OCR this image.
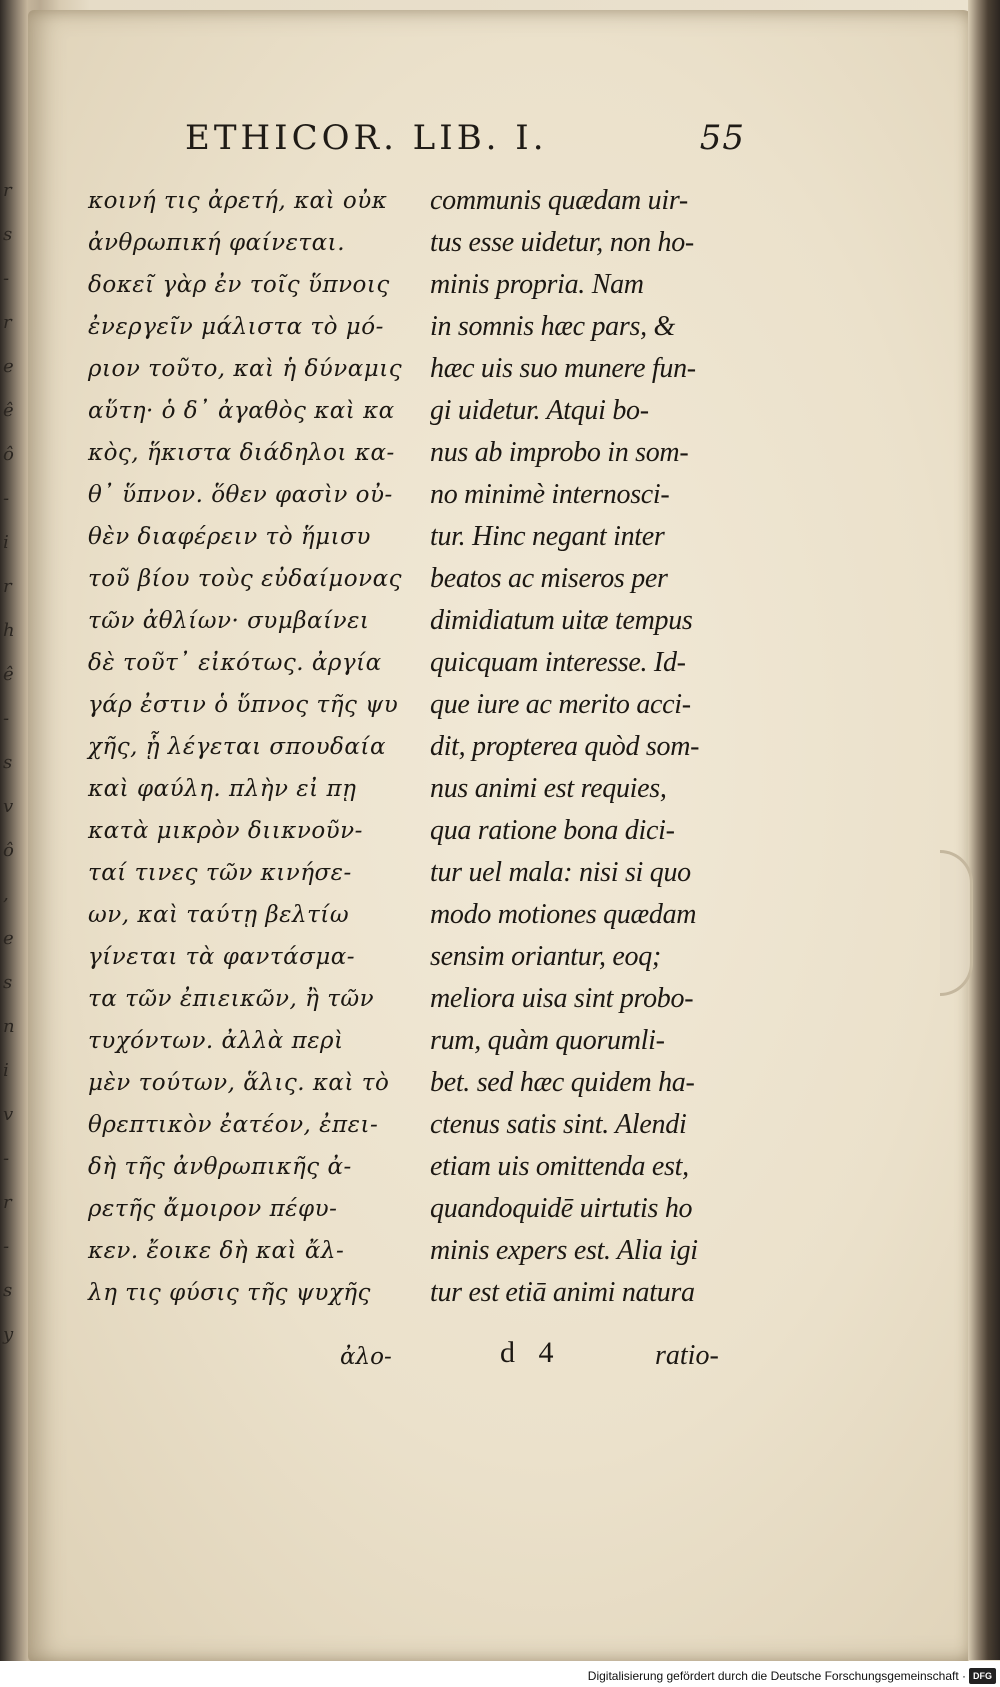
r
s
-
r
e
ê
ô
-
i
r
h
ê
-
s
v
ô
,
e
s
n
i
v
-
r
-
s
y
ETHICOR. LIB. I.	55
κοινή τις ἀρετή, καὶ οὐκ
ἀνθρωπική φαίνεται.
δοκεῖ γὰρ ἐν τοῖς ὕπνοις
ἐνεργεῖν μάλιστα τὸ μό-
ριον τοῦτο, καὶ ἡ δύναμις
αὕτη· ὁ δ᾽ ἀγαθὸς καὶ κα
κὸς, ἥκιστα διάδηλοι κα-
θ᾽ ὕπνον. ὅθεν φασὶν οὐ-
θὲν διαφέρειν τὸ ἥμισυ
τοῦ βίου τοὺς εὐδαίμονας
τῶν ἀθλίων· συμβαίνει
δὲ τοῦτ᾽ εἰκότως. ἀργία
γάρ ἐστιν ὁ ὕπνος τῆς ψυ
χῆς, ᾗ λέγεται σπουδαία
καὶ φαύλη. πλὴν εἰ πῃ
κατὰ μικρὸν διικνοῦν-
ταί τινες τῶν κινήσε-
ων, καὶ ταύτῃ βελτίω
γίνεται τὰ φαντάσμα-
τα τῶν ἐπιεικῶν, ἢ τῶν
τυχόντων. ἀλλὰ περὶ
μὲν τούτων, ἅλις. καὶ τὸ
θρεπτικὸν ἐατέον, ἐπει-
δὴ τῆς ἀνθρωπικῆς ἀ-
ρετῆς ἄμοιρον πέφυ-
κεν. ἔοικε δὴ καὶ ἄλ-
λη τις φύσις τῆς ψυχῆς
communis quædam uir-
tus esse uidetur, non ho-
minis propria. Nam
in somnis hæc pars, &
hæc uis suo munere fun-
gi uidetur. Atqui bo-
nus ab improbo in som-
no minimè internosci-
tur. Hinc negant inter
beatos ac miseros per
dimidiatum uitæ tempus
quicquam interesse. Id-
que iure ac merito acci-
dit, propterea quòd som-
nus animi est requies,
qua ratione bona dici-
tur uel mala: nisi si quo
modo motiones quædam
sensim oriantur, eoq;
meliora uisa sint probo-
rum, quàm quorumli-
bet. sed hæc quidem ha-
ctenus satis sint. Alendi
etiam uis omittenda est,
quandoquidē uirtutis ho
minis expers est. Alia igi
tur est etiā animi natura
ἀλο-	d 4	ratio-
Digitalisierung gefördert durch die Deutsche Forschungsgemeinschaft · DFG
